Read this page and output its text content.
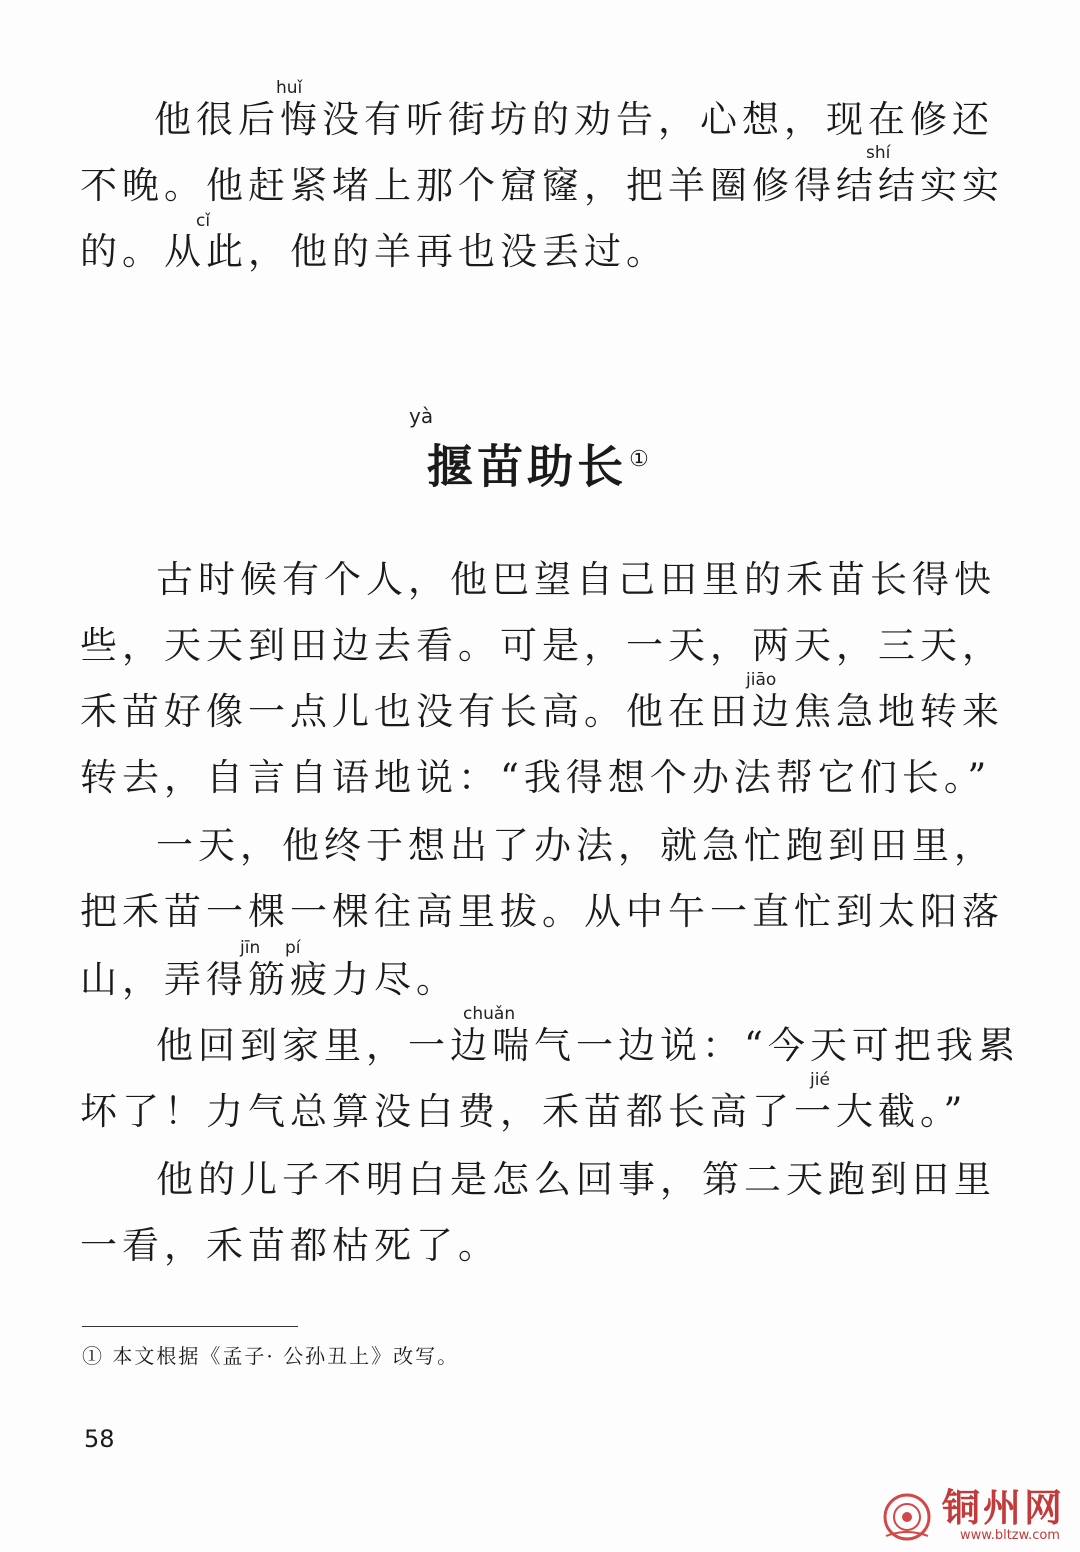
他很后悔没有听街坊的劝告，心想，现在修还
不晚。他赶紧堵上那个窟窿，把羊圈修得结结实实
的。从此，他的羊再也没丢过。
huǐ
shí
cǐ
yà
揠苗助长①
古时候有个人，他巴望自己田里的禾苗长得快
些，天天到田边去看。可是，一天，两天，三天，
禾苗好像一点儿也没有长高。他在田边焦急地转来
转去，自言自语地说：“我得想个办法帮它们长。”
一天，他终于想出了办法，就急忙跑到田里，
把禾苗一棵一棵往高里拔。从中午一直忙到太阳落
山，弄得筋疲力尽。
他回到家里，一边喘气一边说：“今天可把我累
坏了！力气总算没白费，禾苗都长高了一大截。”
他的儿子不明白是怎么回事，第二天跑到田里
一看，禾苗都枯死了。
jiāo
jīn pí
chuǎn
jié
① 本文根据《孟子· 公孙丑上》改写。
58
铜州网
www.bltzw.com
